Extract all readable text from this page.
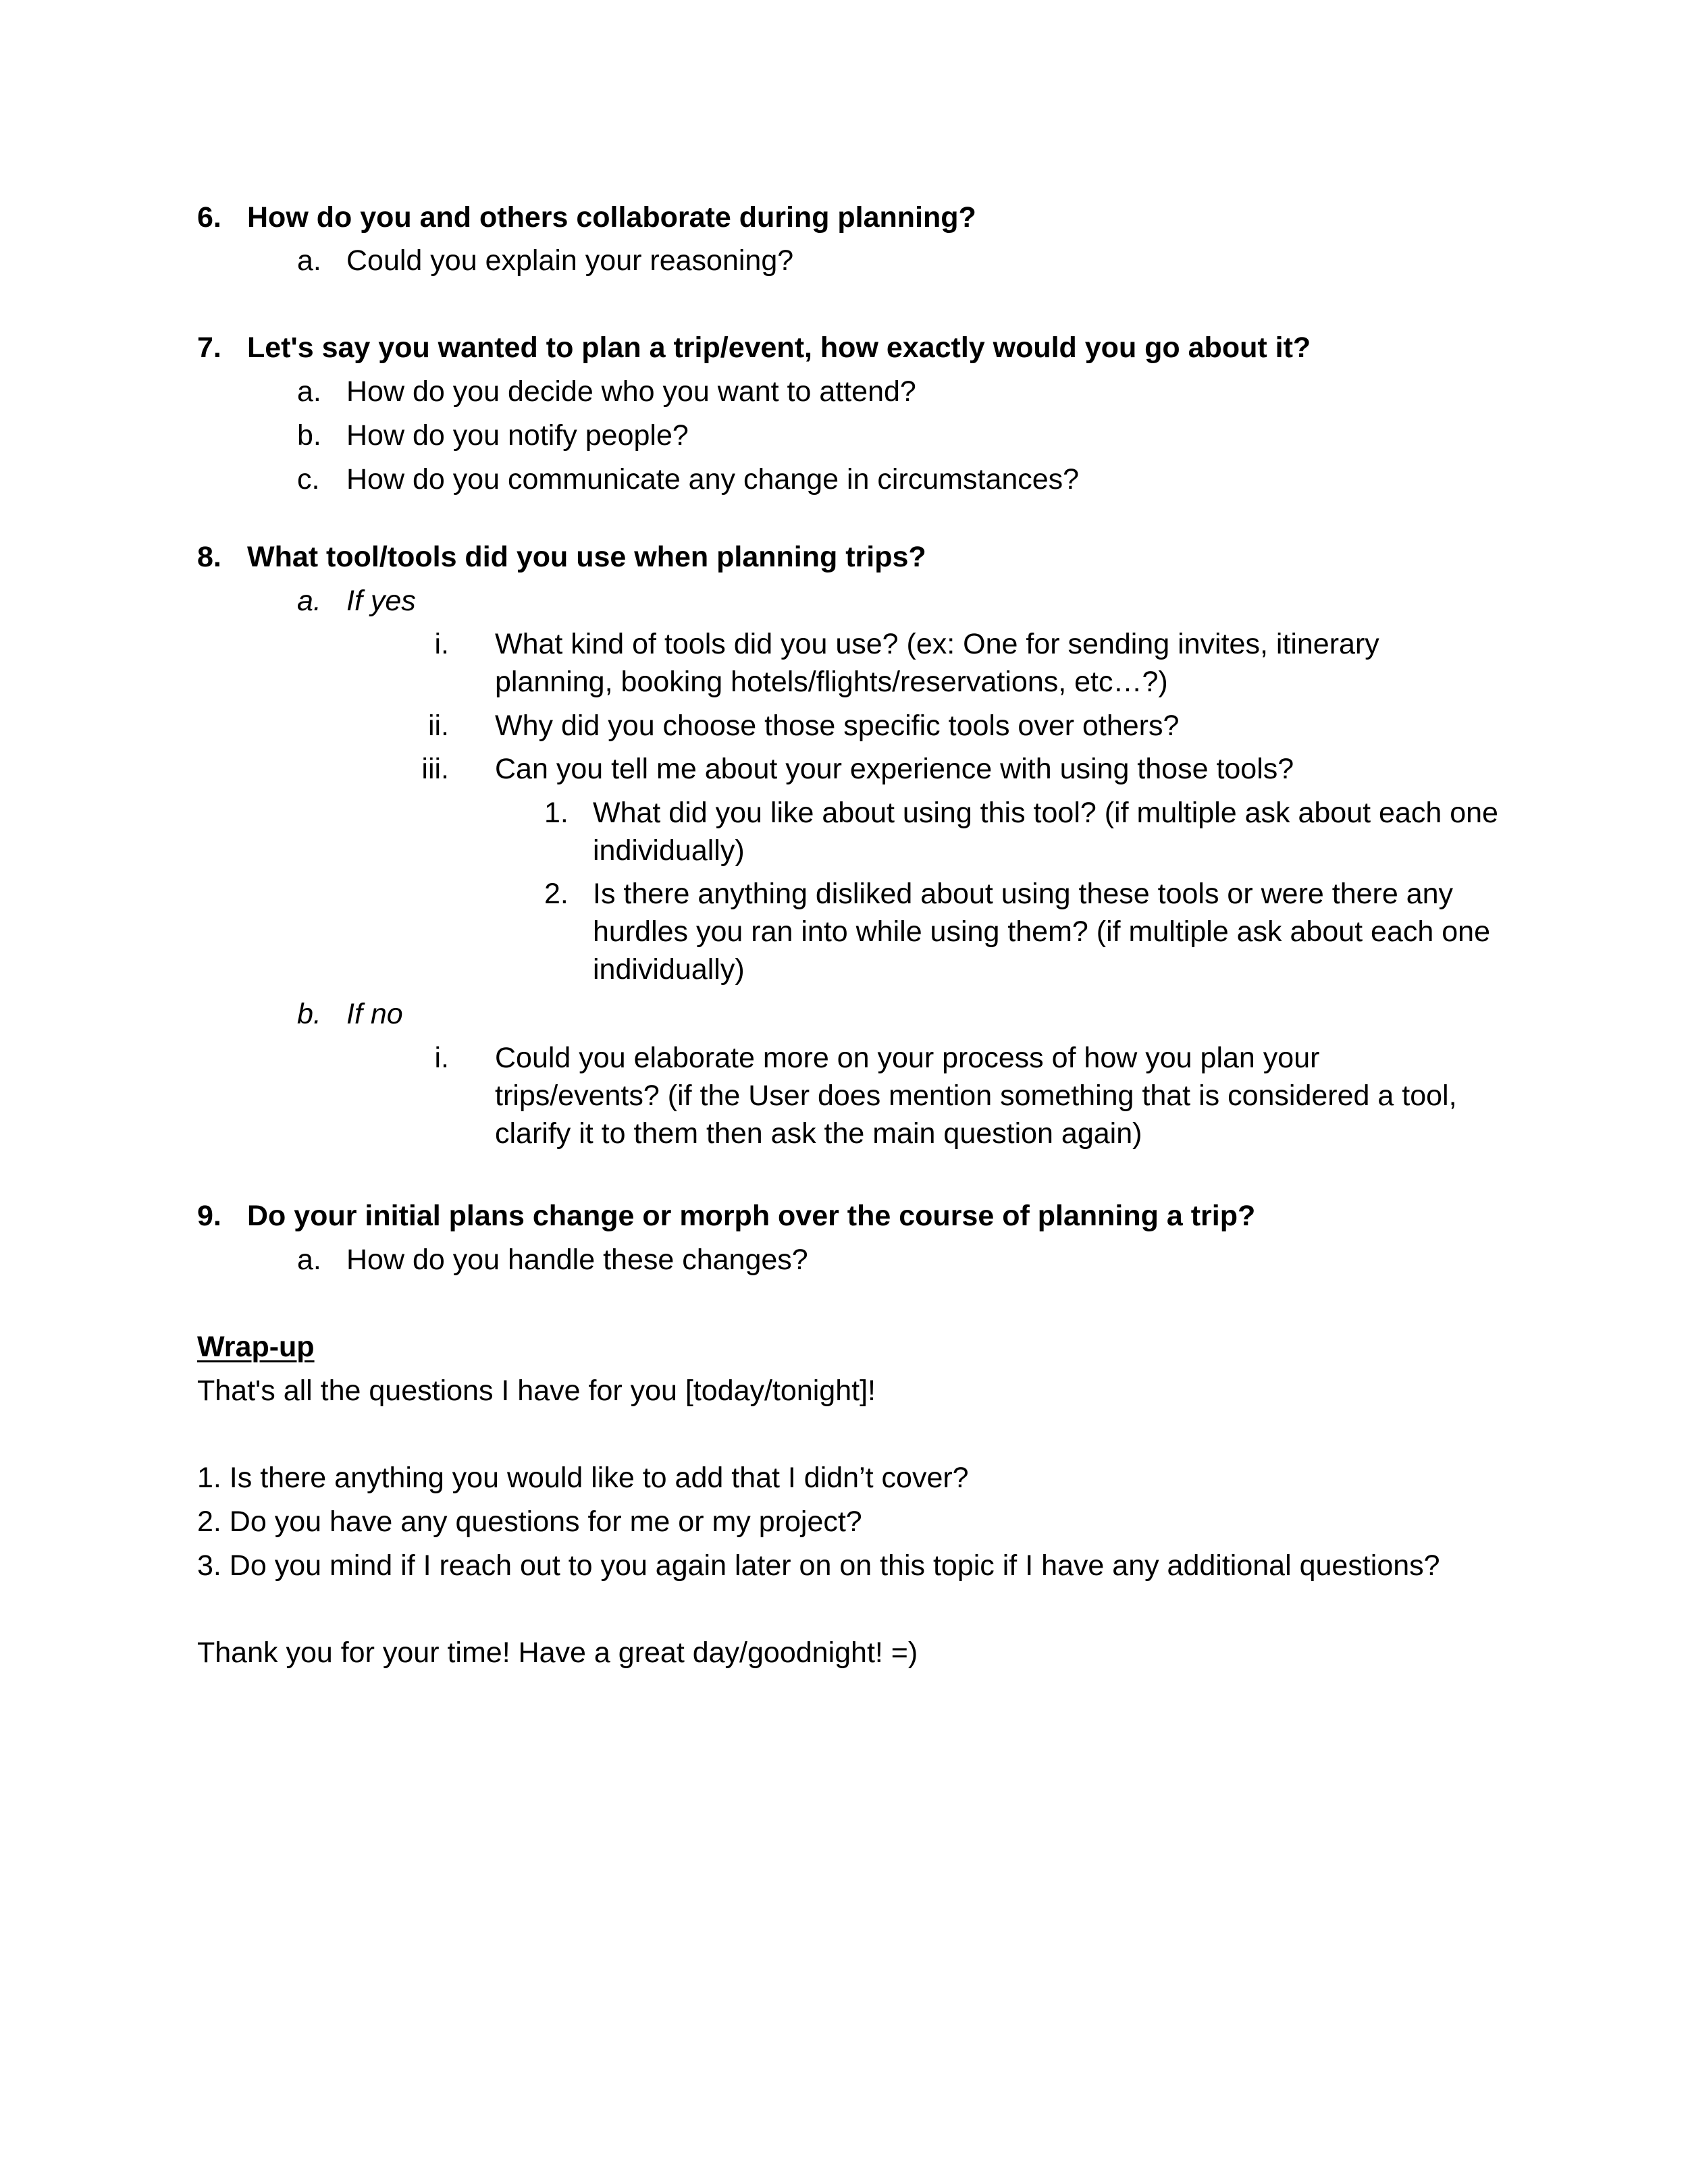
6. How do you and others collaborate during planning?
a. Could you explain your reasoning?
7. Let's say you wanted to plan a trip/event, how exactly would you go about it?
a. How do you decide who you want to attend?
b. How do you notify people?
c. How do you communicate any change in circumstances?
8. What tool/tools did you use when planning trips?
a. If yes
i. What kind of tools did you use? (ex: One for sending invites, itinerary planning, booking hotels/flights/reservations, etc…?)
ii. Why did you choose those specific tools over others?
iii. Can you tell me about your experience with using those tools?
1. What did you like about using this tool? (if multiple ask about each one individually)
2. Is there anything disliked about using these tools or were there any hurdles you ran into while using them? (if multiple ask about each one individually)
b. If no
i. Could you elaborate more on your process of how you plan your trips/events? (if the User does mention something that is considered a tool, clarify it to them then ask the main question again)
9. Do your initial plans change or morph over the course of planning a trip?
a. How do you handle these changes?
Wrap-up
That's all the questions I have for you [today/tonight]!
1. Is there anything you would like to add that I didn’t cover?
2. Do you have any questions for me or my project?
3. Do you mind if I reach out to you again later on on this topic if I have any additional questions?
Thank you for your time! Have a great day/goodnight! =)
